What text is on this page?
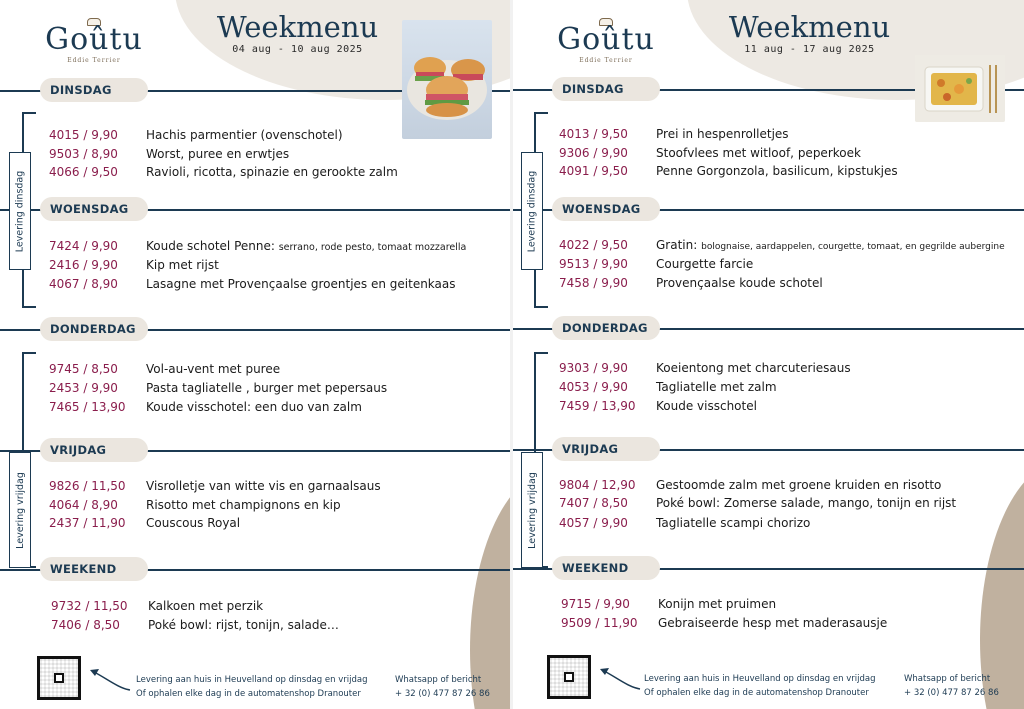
Goûtu
Eddie Terrier
Weekmenu
04 aug - 10 aug 2025
Levering dinsdag
Levering vrijdag
DINSDAG
4015 / 9,90 Hachis parmentier (ovenschotel)
9503 / 8,90 Worst, puree en erwtjes
4066 / 9,50 Ravioli, ricotta, spinazie en gerookte zalm
WOENSDAG
7424 / 9,90 Koude schotel Penne: serrano, rode pesto, tomaat mozzarella
2416 / 9,90 Kip met rijst
4067 / 8,90 Lasagne met Provençaalse groentjes en geitenkaas
DONDERDAG
9745 / 8,50 Vol-au-vent met puree
2453 / 9,90 Pasta tagliatelle , burger met pepersaus
7465 / 13,90 Koude visschotel: een duo van zalm
VRIJDAG
9826 / 11,50 Visrolletje van witte vis en garnaalsaus
4064 / 8,90 Risotto met champignons en kip
2437 / 11,90 Couscous Royal
WEEKEND
9732 / 11,50 Kalkoen met perzik
7406 / 8,50 Poké bowl: rijst, tonijn, salade…
Levering aan huis in Heuvelland op dinsdag en vrijdag
Of ophalen elke dag in de automatenshop Dranouter
Whatsapp of bericht
+ 32 (0) 477 87 26 86
Goûtu
Eddie Terrier
Weekmenu
11 aug - 17 aug 2025
Levering dinsdag
Levering vrijdag
DINSDAG
4013 / 9,50 Prei in hespenrolletjes
9306 / 9,90 Stoofvlees met witloof, peperkoek
4091 / 9,50 Penne Gorgonzola, basilicum, kipstukjes
WOENSDAG
4022 / 9,50 Gratin: bolognaise, aardappelen, courgette, tomaat, en gegrilde aubergine
9513 / 9,90 Courgette farcie
7458 / 9,90 Provençaalse koude schotel
DONDERDAG
9303 / 9,90 Koeientong met charcuteriesaus
4053 / 9,90 Tagliatelle met zalm
7459 / 13,90 Koude visschotel
VRIJDAG
9804 / 12,90 Gestoomde zalm met groene kruiden en risotto
7407 / 8,50 Poké bowl: Zomerse salade, mango, tonijn en rijst
4057 / 9,90 Tagliatelle scampi chorizo
WEEKEND
9715 / 9,90 Konijn met pruimen
9509 / 11,90 Gebraiseerde hesp met maderasausje
Levering aan huis in Heuvelland op dinsdag en vrijdag
Of ophalen elke dag in de automatenshop Dranouter
Whatsapp of bericht
+ 32 (0) 477 87 26 86
